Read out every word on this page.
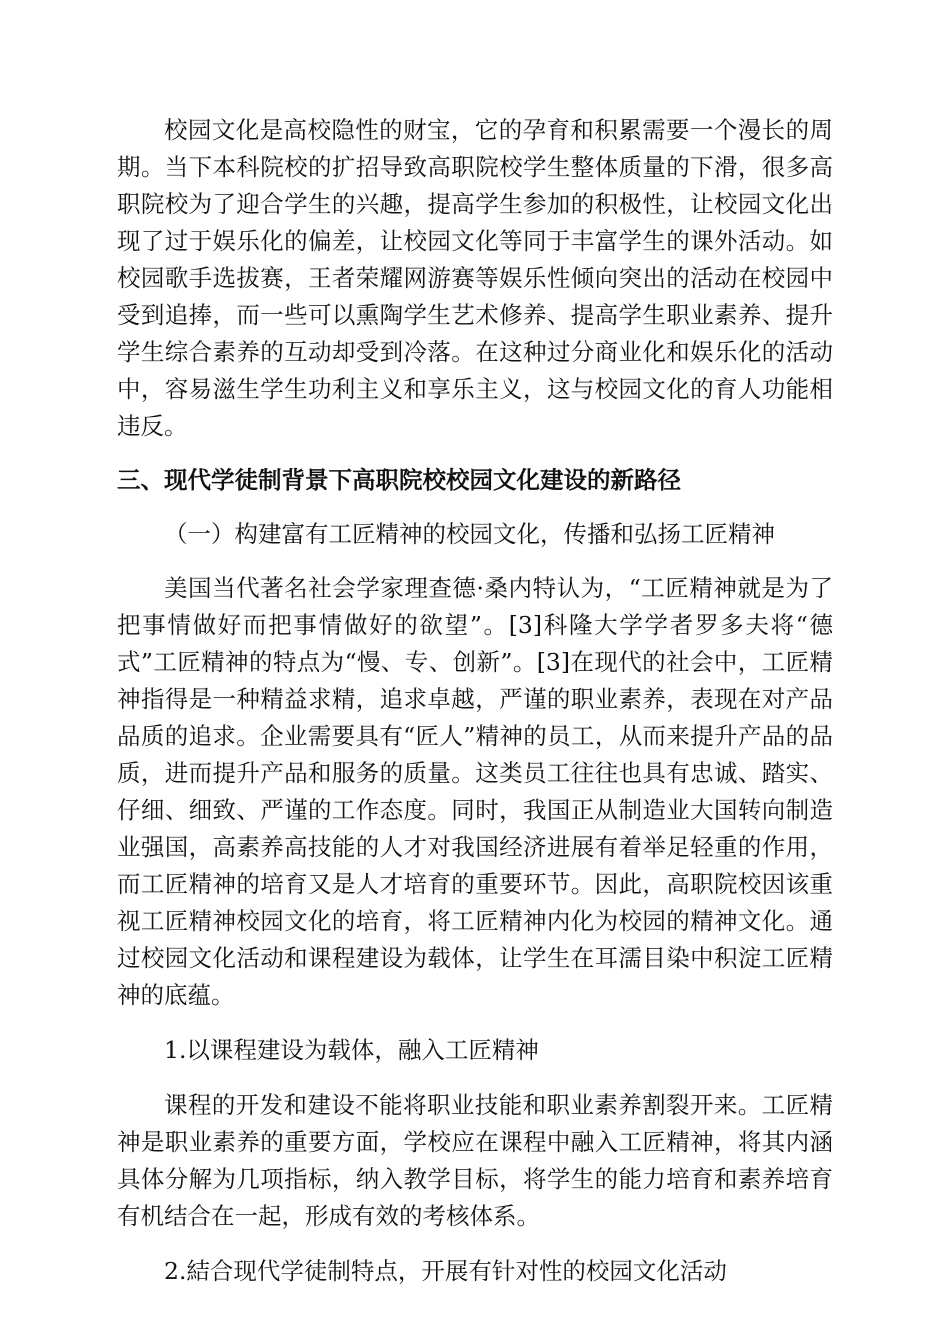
校园文化是高校隐性的财宝，它的孕育和积累需要一个漫长的周期。当下本科院校的扩招导致高职院校学生整体质量的下滑，很多高职院校为了迎合学生的兴趣，提高学生参加的积极性，让校园文化出现了过于娱乐化的偏差，让校园文化等同于丰富学生的课外活动。如校园歌手选拔赛，王者荣耀网游赛等娱乐性倾向突出的活动在校园中受到追捧，而一些可以熏陶学生艺术修养、提高学生职业素养、提升学生综合素养的互动却受到冷落。在这种过分商业化和娱乐化的活动中，容易滋生学生功利主义和享乐主义，这与校园文化的育人功能相违反。

三、现代学徒制背景下高职院校校园文化建设的新路径

（一）构建富有工匠精神的校园文化，传播和弘扬工匠精神

美国当代著名社会学家理查德·桑内特认为，“工匠精神就是为了把事情做好而把事情做好的欲望”。[3]科隆大学学者罗多夫将“德式”工匠精神的特点为“慢、专、创新”。[3]在现代的社会中，工匠精神指得是一种精益求精，追求卓越，严谨的职业素养，表现在对产品品质的追求。企业需要具有“匠人”精神的员工，从而来提升产品的品质，进而提升产品和服务的质量。这类员工往往也具有忠诚、踏实、仔细、细致、严谨的工作态度。同时，我国正从制造业大国转向制造业强国，高素养高技能的人才对我国经济进展有着举足轻重的作用，而工匠精神的培育又是人才培育的重要环节。因此，高职院校因该重视工匠精神校园文化的培育，将工匠精神内化为校园的精神文化。通过校园文化活动和课程建设为载体，让学生在耳濡目染中积淀工匠精神的底蕴。

1.以课程建设为载体，融入工匠精神

课程的开发和建设不能将职业技能和职业素养割裂开来。工匠精神是职业素养的重要方面，学校应在课程中融入工匠精神，将其内涵具体分解为几项指标，纳入教学目标，将学生的能力培育和素养培育有机结合在一起，形成有效的考核体系。

2.結合现代学徒制特点，开展有针对性的校园文化活动
